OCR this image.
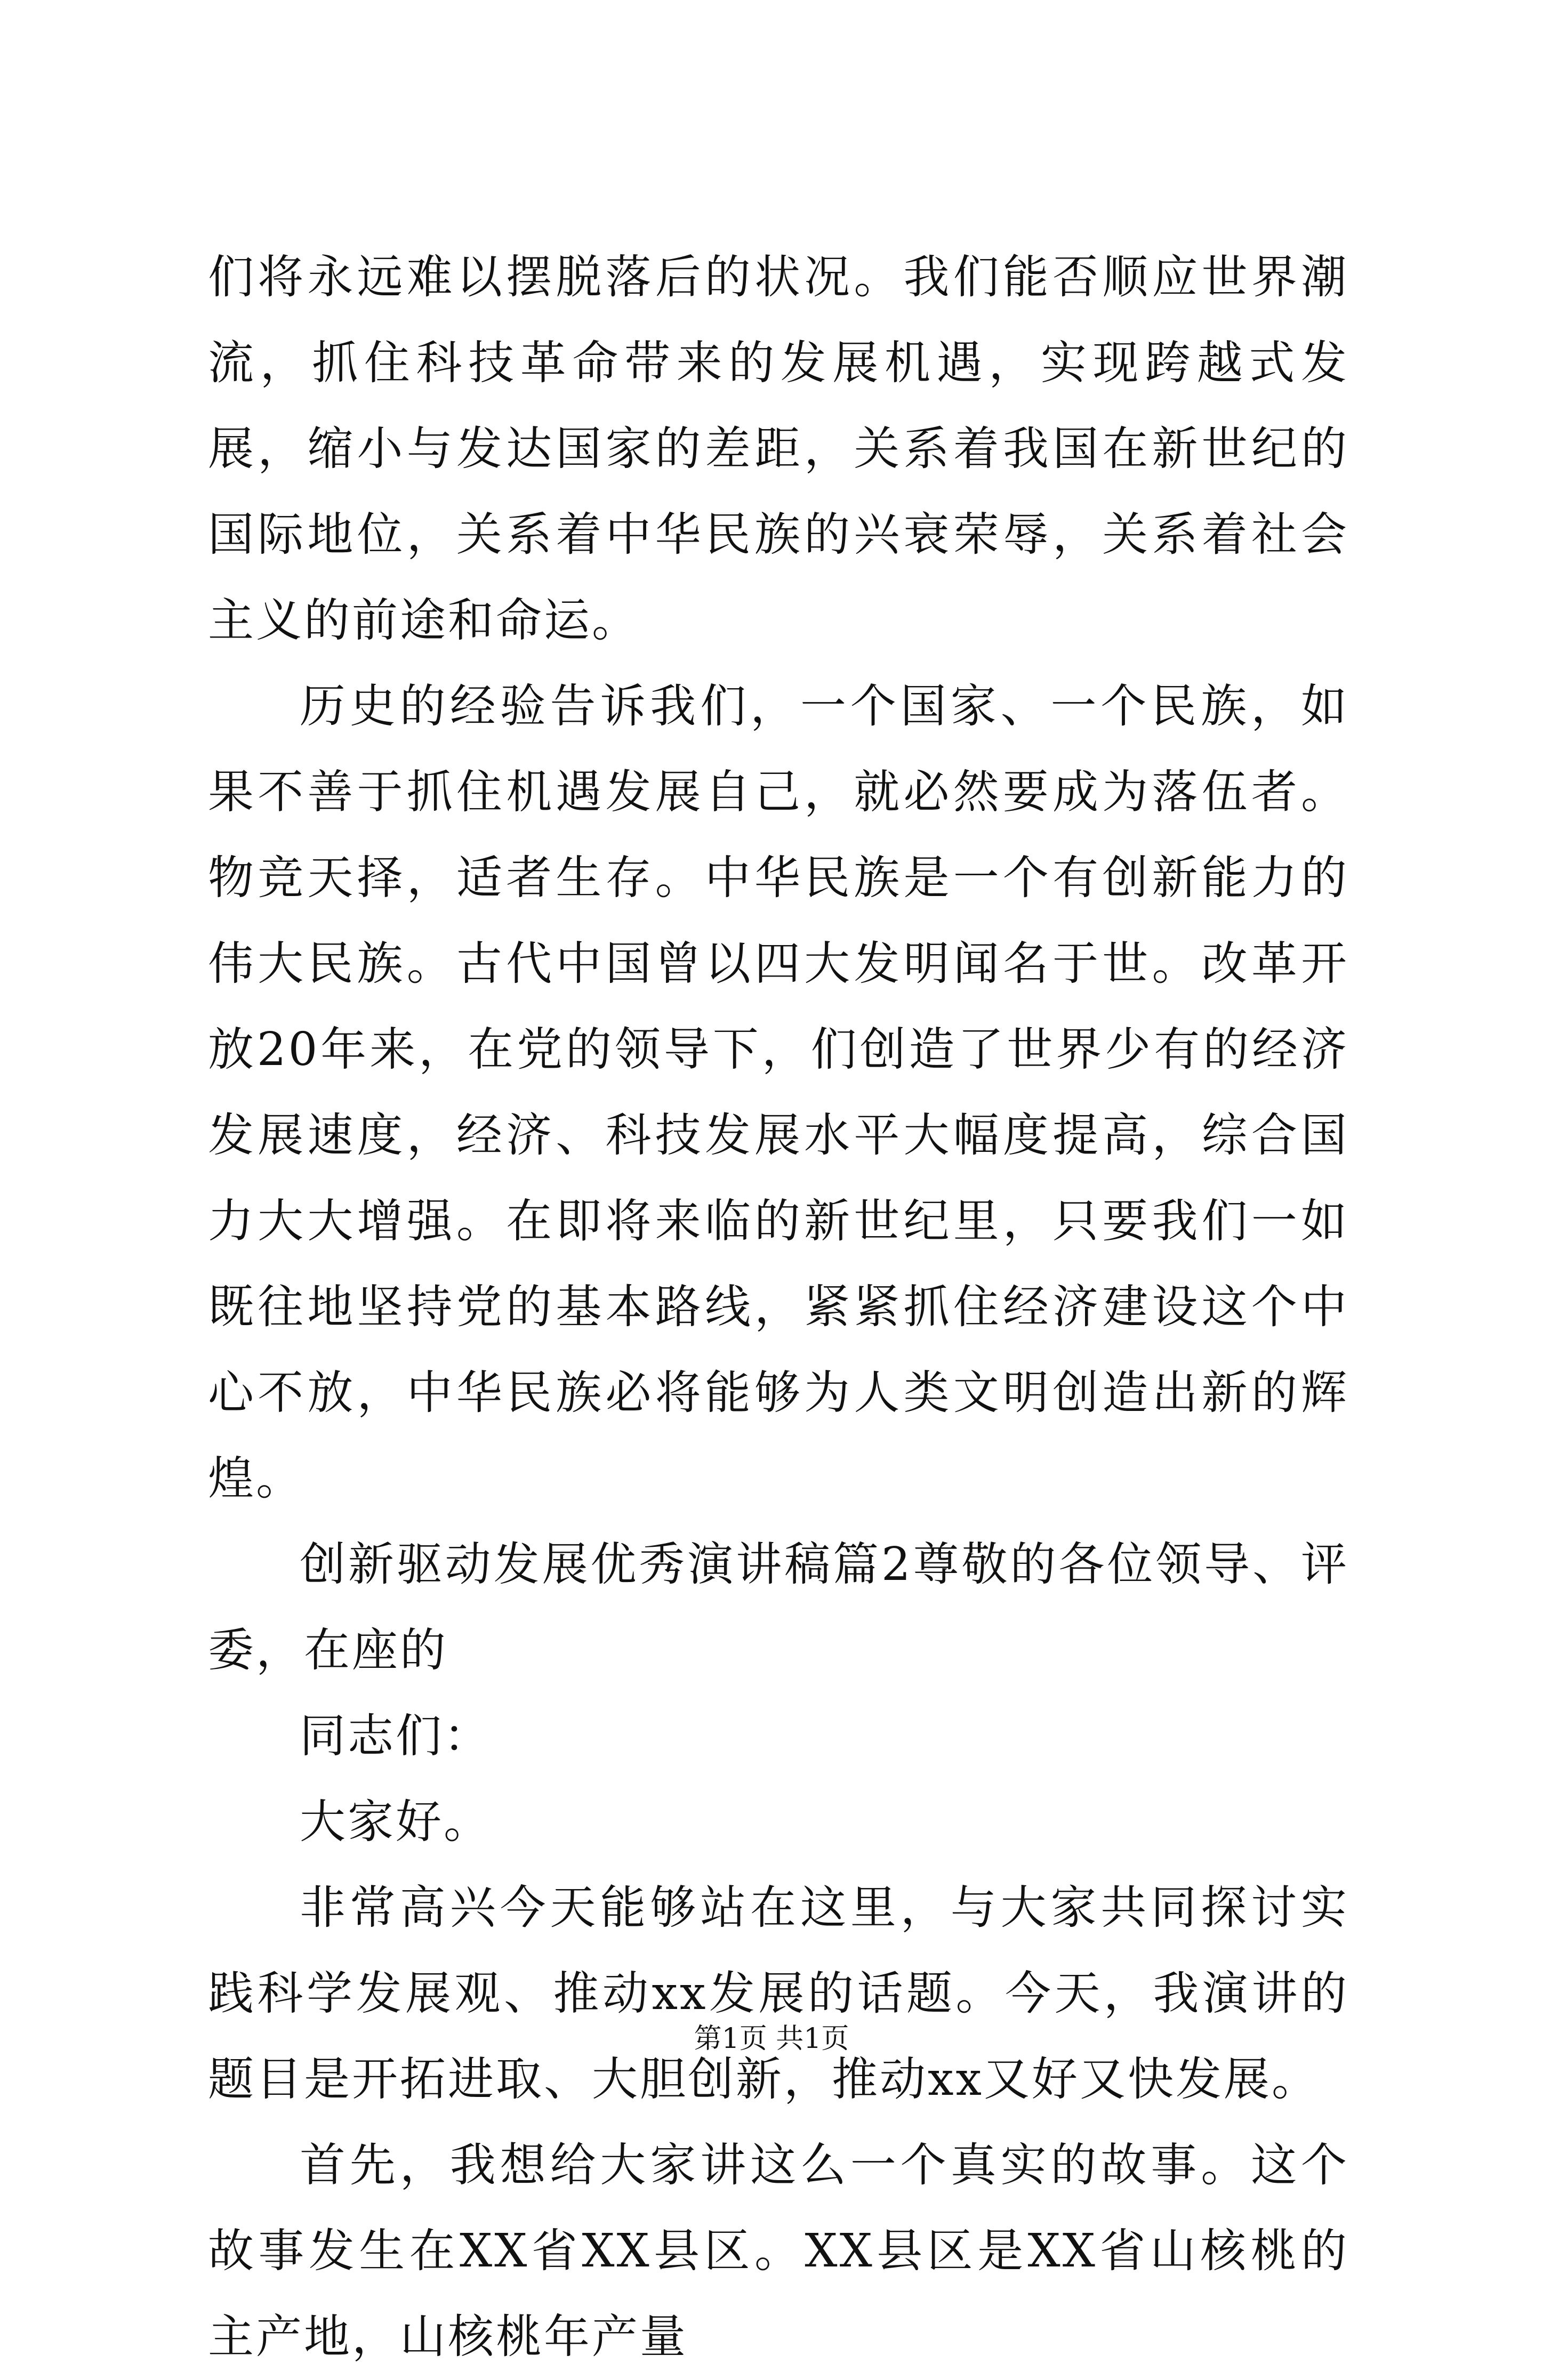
们将永远难以摆脱落后的状况。我们能否顺应世界潮流，抓住科技革命带来的发展机遇，实现跨越式发展，缩小与发达国家的差距，关系着我国在新世纪的国际地位，关系着中华民族的兴衰荣辱，关系着社会主义的前途和命运。

历史的经验告诉我们，一个国家、一个民族，如果不善于抓住机遇发展自己，就必然要成为落伍者。物竞天择，适者生存。中华民族是一个有创新能力的伟大民族。古代中国曾以四大发明闻名于世。改革开放20年来，在党的领导下，们创造了世界少有的经济发展速度，经济、科技发展水平大幅度提高，综合国力大大增强。在即将来临的新世纪里，只要我们一如既往地坚持党的基本路线，紧紧抓住经济建设这个中心不放，中华民族必将能够为人类文明创造出新的辉煌。

创新驱动发展优秀演讲稿篇2尊敬的各位领导、评委，在座的

同志们：

大家好。

非常高兴今天能够站在这里，与大家共同探讨实践科学发展观、推动xx发展的话题。今天，我演讲的题目是开拓进取、大胆创新，推动xx又好又快发展。

首先，我想给大家讲这么一个真实的故事。这个故事发生在XX省XX县区。XX县区是XX省山核桃的主产地，山核桃年产量

第1页 共1页
